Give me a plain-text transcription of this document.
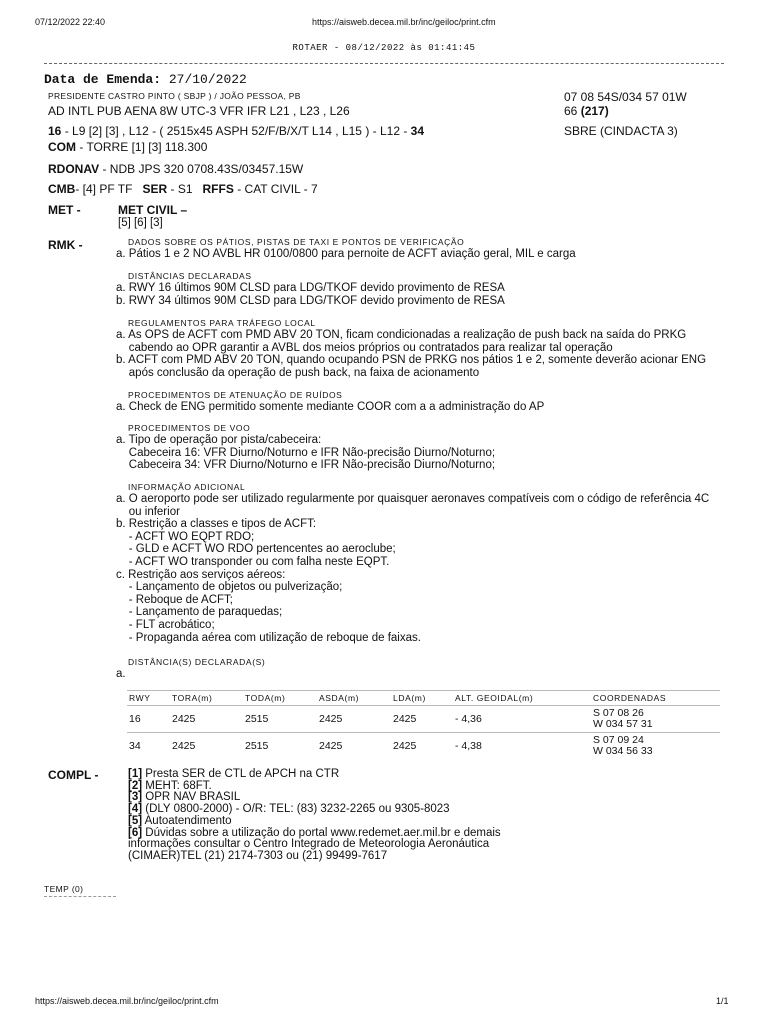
07/12/2022 22:40	https://aisweb.decea.mil.br/inc/geiloc/print.cfm
ROTAER - 08/12/2022 às 01:41:45
Data de Emenda: 27/10/2022
PRESIDENTE CASTRO PINTO ( SBJP ) / JOÃO PESSOA, PB
AD INTL PUB AENA 8W UTC-3 VFR IFR L21 , L23 , L26
16 - L9 [2] [3] , L12 - ( 2515x45 ASPH 52/F/B/X/T L14 , L15 ) - L12 - 34
07 08 54S/034 57 01W
66 (217)
SBRE (CINDACTA 3)
COM - TORRE [1] [3] 118.300
RDONAV - NDB JPS 320 0708.43S/03457.15W
CMB- [4] PF TF SER - S1 RFFS - CAT CIVIL - 7
MET -	MET CIVIL –
[5] [6] [3]
RMK -	DADOS SOBRE OS PÁTIOS, PISTAS DE TAXI E PONTOS DE VERIFICAÇÃO
a. Pátios 1 e 2 NO AVBL HR 0100/0800 para pernoite de ACFT aviação geral, MIL e carga
DISTÂNCIAS DECLARADAS
a. RWY 16 últimos 90M CLSD para LDG/TKOF devido provimento de RESA
b. RWY 34 últimos 90M CLSD para LDG/TKOF devido provimento de RESA
REGULAMENTOS PARA TRÁFEGO LOCAL
a. As OPS de ACFT com PMD ABV 20 TON, ficam condicionadas a realização de push back na saída do PRKG
cabendo ao OPR garantir a AVBL dos meios próprios ou contratados para realizar tal operação
b. ACFT com PMD ABV 20 TON, quando ocupando PSN de PRKG nos pátios 1 e 2, somente deverão acionar ENG
após conclusão da operação de push back, na faixa de acionamento
PROCEDIMENTOS DE ATENUAÇÃO DE RUÍDOS
a. Check de ENG permitido somente mediante COOR com a a administração do AP
PROCEDIMENTOS DE VOO
a. Tipo de operação por pista/cabeceira:
Cabeceira 16: VFR Diurno/Noturno e IFR Não-precisão Diurno/Noturno;
Cabeceira 34: VFR Diurno/Noturno e IFR Não-precisão Diurno/Noturno;
INFORMAÇÃO ADICIONAL
a. O aeroporto pode ser utilizado regularmente por quaisquer aeronaves compatíveis com o código de referência 4C
ou inferior
b. Restrição a classes e tipos de ACFT:
- ACFT WO EQPT RDO;
- GLD e ACFT WO RDO pertencentes ao aeroclube;
- ACFT WO transponder ou com falha neste EQPT.
c. Restrição aos serviços aéreos:
- Lançamento de objetos ou pulverização;
- Reboque de ACFT;
- Lançamento de paraquedas;
- FLT acrobático;
- Propaganda aérea com utilização de reboque de faixas.
DISTÂNCIA(S) DECLARADA(S)
a.
RWY	TORA(m)	TODA(m)	ASDA(m)	LDA(m)	ALT. GEOIDAL(m)	COORDENADAS
16	2425	2515	2425	2425	- 4,36	S 07 08 26
W 034 57 31

34	2425	2515	2425	2425	- 4,38	S 07 09 24
W 034 56 33
COMPL -	[1] Presta SER de CTL de APCH na CTR
[2] MEHT: 68FT.
[3] OPR NAV BRASIL
[4] (DLY 0800-2000) - O/R: TEL: (83) 3232-2265 ou 9305-8023
[5] Autoatendimento
[6] Dúvidas sobre a utilização do portal www.redemet.aer.mil.br e demais
informações consultar o Centro Integrado de Meteorologia Aeronáutica
(CIMAER)TEL (21) 2174-7303 ou (21) 99499-7617
TEMP (0)
https://aisweb.decea.mil.br/inc/geiloc/print.cfm	1/1
